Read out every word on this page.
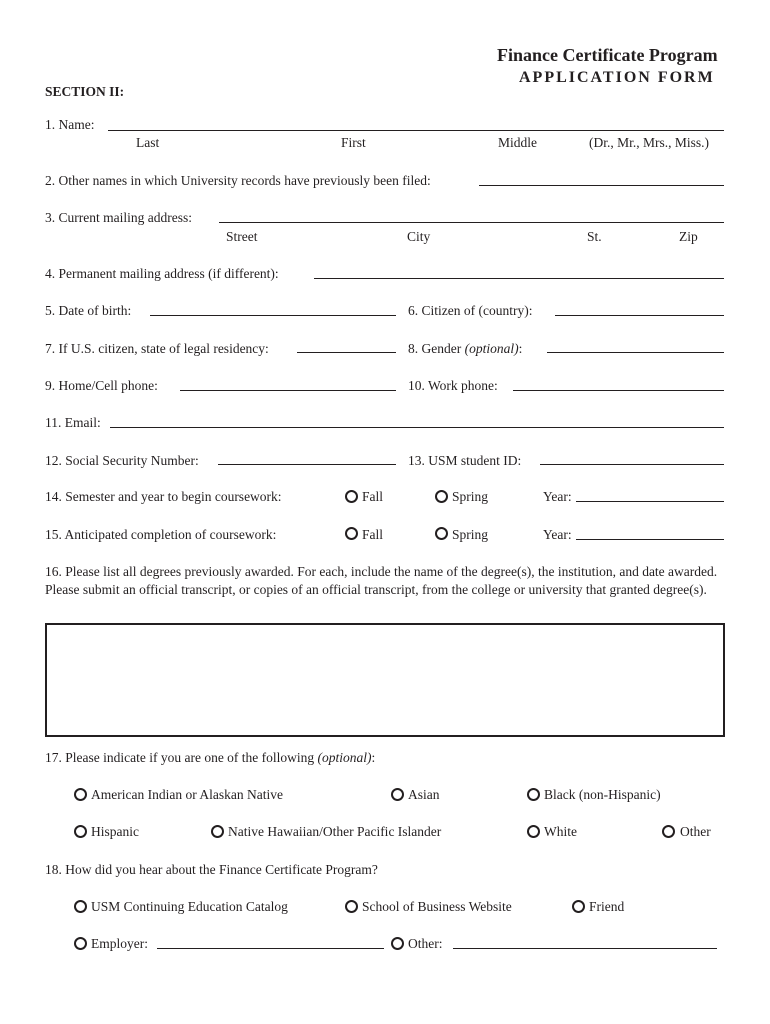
Finance Certificate Program
APPLICATION FORM
SECTION II:
1. Name:
Last	First	Middle	(Dr., Mr., Mrs., Miss.)
2. Other names in which University records have previously been filed:
3. Current mailing address:
Street	City	St.	Zip
4. Permanent mailing address (if different):
5. Date of birth:	6. Citizen of (country):
7. If U.S. citizen, state of legal residency:	8. Gender (optional):
9. Home/Cell phone:	10. Work phone:
11. Email:
12. Social Security Number:	13. USM student ID:
14. Semester and year to begin coursework:	Fall	Spring	Year:
15. Anticipated completion of coursework:	Fall	Spring	Year:
16. Please list all degrees previously awarded. For each, include the name of the degree(s), the institution, and date awarded. Please submit an official transcript, or copies of an official transcript, from the college or university that granted degree(s).
17. Please indicate if you are one of the following (optional):
American Indian or Alaskan Native	Asian	Black (non-Hispanic)
Hispanic	Native Hawaiian/Other Pacific Islander	White	Other
18. How did you hear about the Finance Certificate Program?
USM Continuing Education Catalog	School of Business Website	Friend
Employer:	Other:
